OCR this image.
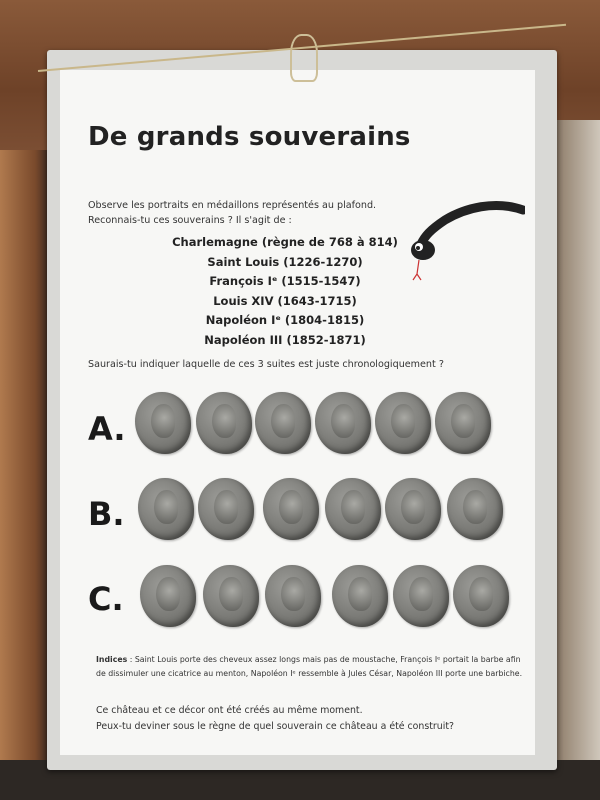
De grands souverains
Observe les portraits en médaillons représentés au plafond.
Reconnais-tu ces souverains ? Il s'agit de :
Charlemagne (règne de 768 à 814)
Saint Louis (1226-1270)
François Iᵉ (1515-1547)
Louis XIV (1643-1715)
Napoléon Iᵉ (1804-1815)
Napoléon III (1852-1871)
Saurais-tu indiquer laquelle de ces 3 suites est juste chronologiquement ?
A.
B.
C.
Indices : Saint Louis porte des cheveux assez longs mais pas de moustache, François Iᵉ portait la barbe afin de dissimuler une cicatrice au menton, Napoléon Iᵉ ressemble à Jules César, Napoléon III porte une barbiche.
Ce château et ce décor ont été créés au même moment.
Peux-tu deviner sous le règne de quel souverain ce château a été construit?
